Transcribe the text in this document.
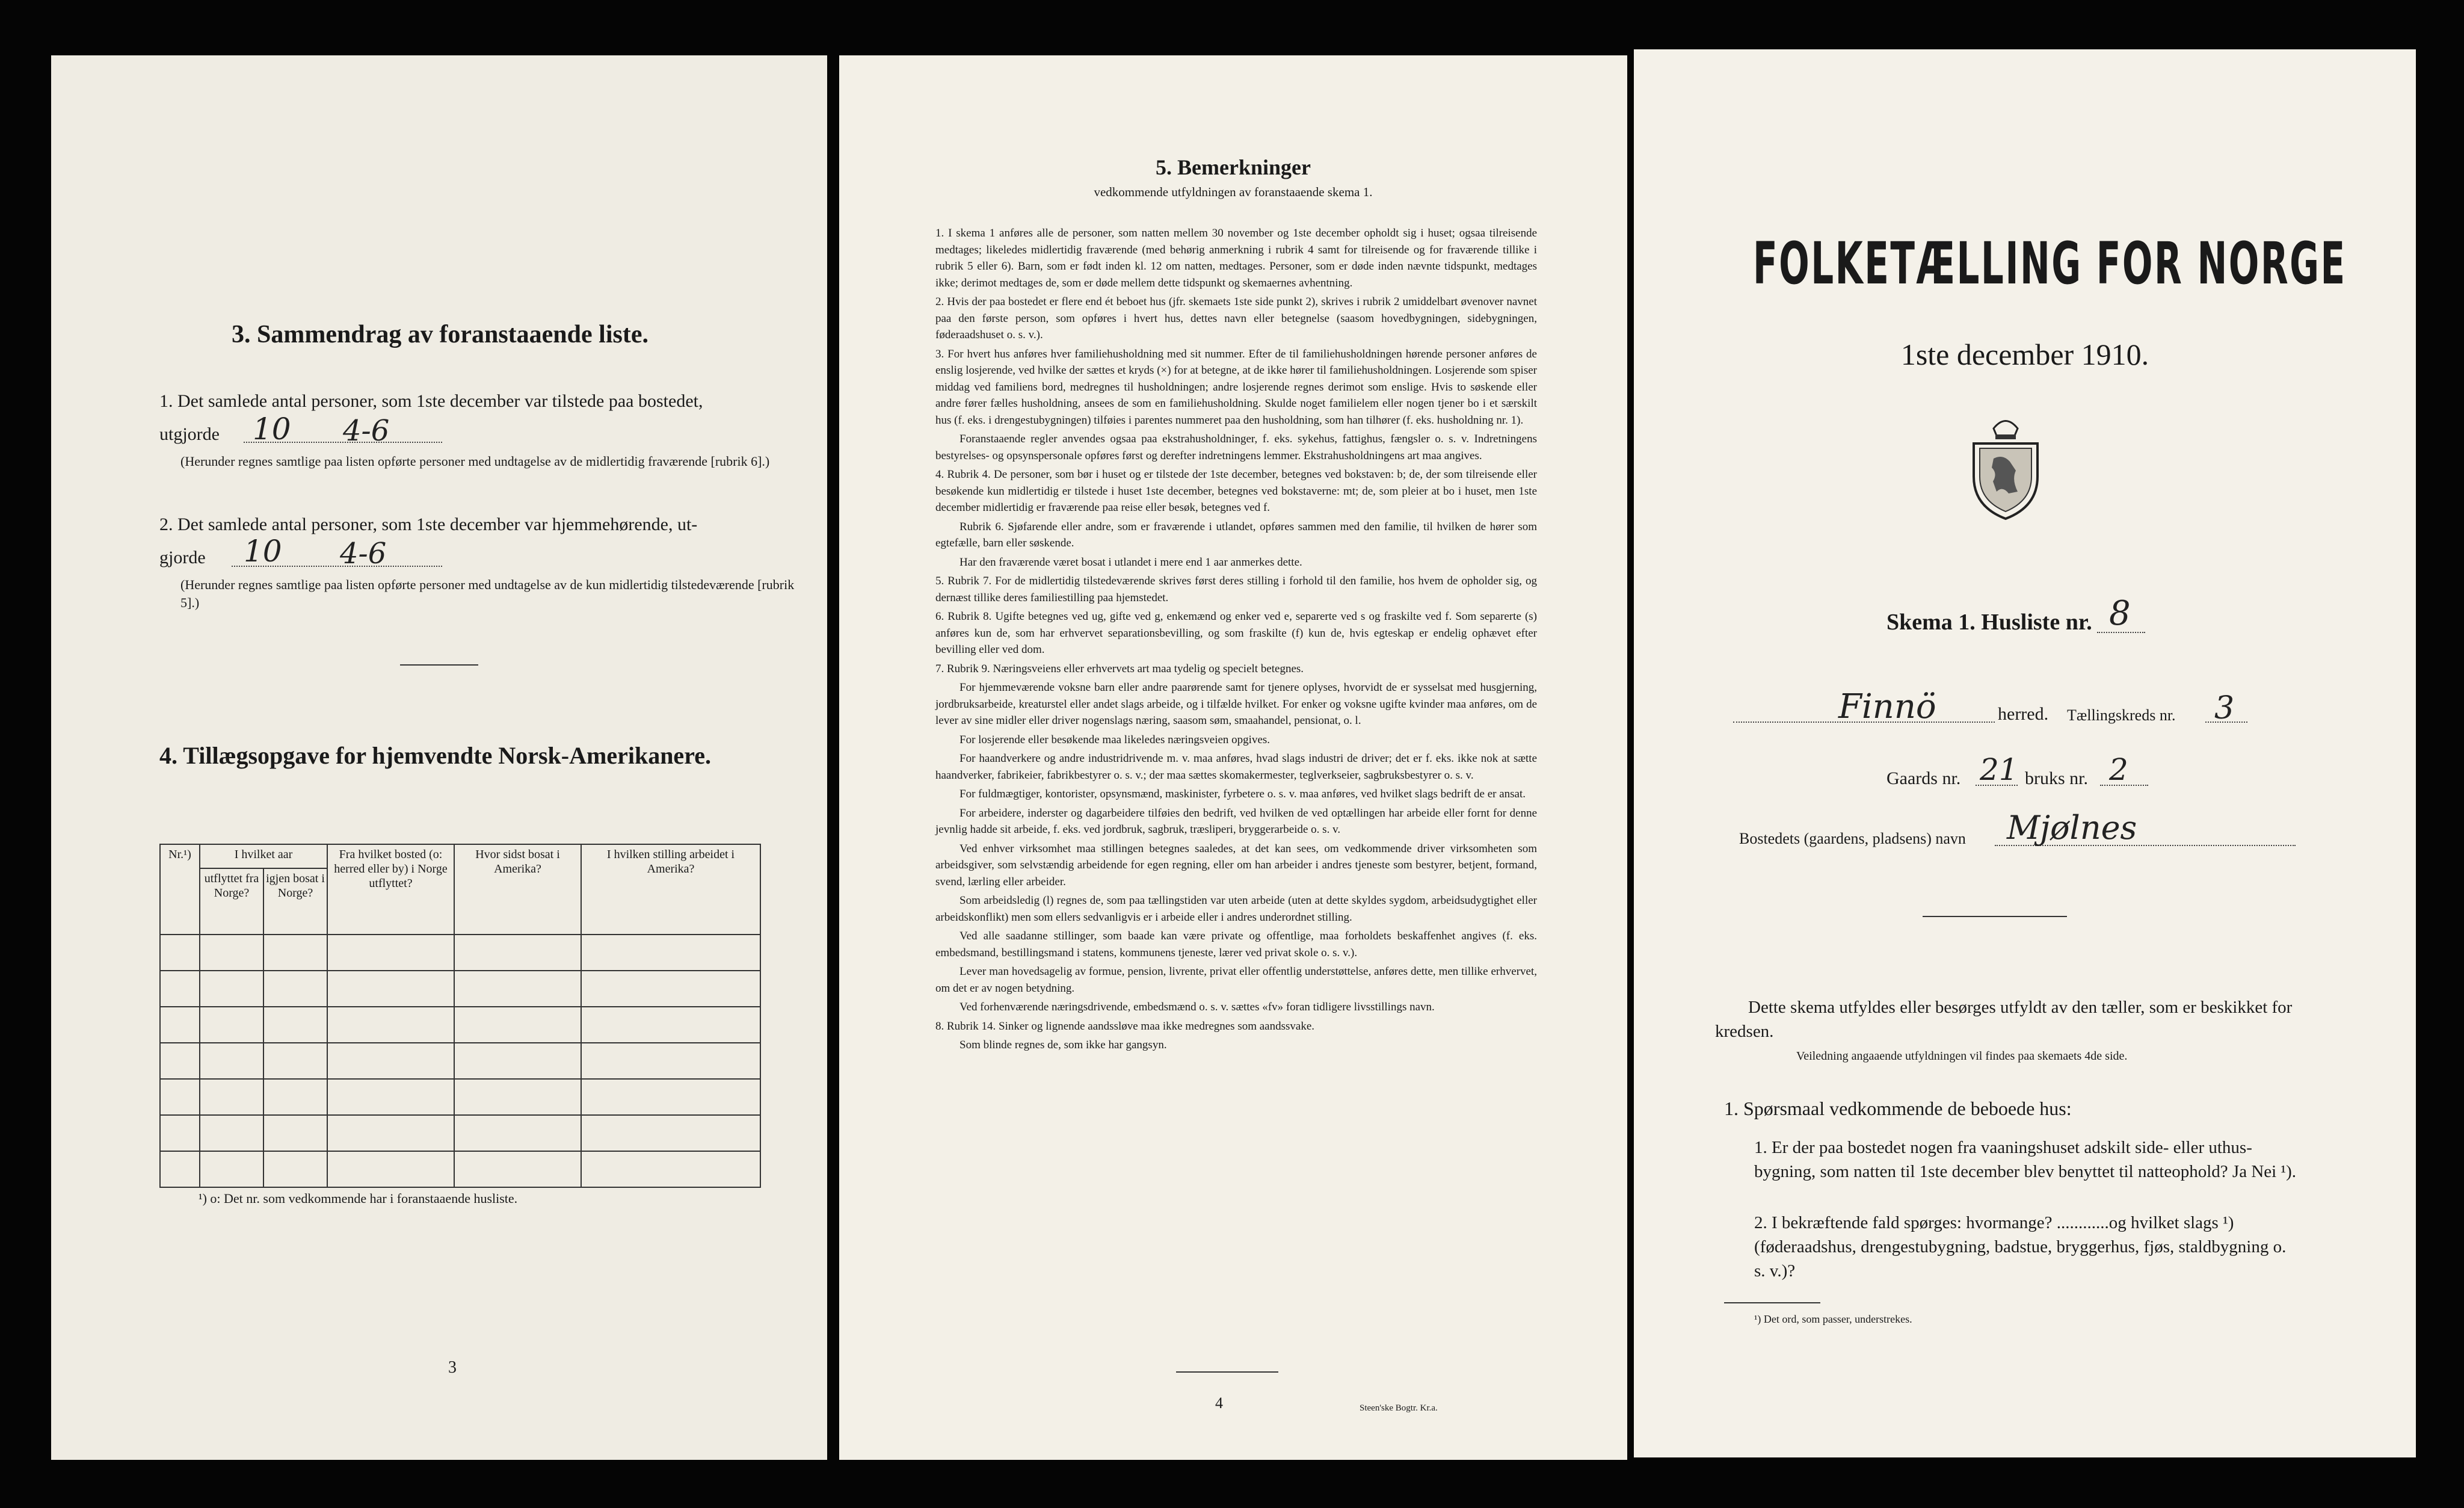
3. Sammendrag av foranstaaende liste.
1. Det samlede antal personer, som 1ste december var tilstede paa bostedet,
utgjorde 10 4-6
(Herunder regnes samtlige paa listen opførte personer med undtagelse av de midlertidig fraværende [rubrik 6].)
2. Det samlede antal personer, som 1ste december var hjemmehørende, ut-
gjorde 10 4-6
(Herunder regnes samtlige paa listen opførte personer med undtagelse av de kun midlertidig tilstedeværende [rubrik 5].)
4. Tillægsopgave for hjemvendte Norsk-Amerikanere.
Nr.¹)	I hvilket aar		Fra hvilket bosted (o: herred eller by) i Norge utflyttet?	Hvor sidst bosat i Amerika?	I hvilken stilling arbeidet i Amerika?
	utflyttet fra Norge?	igjen bosat i Norge?			

¹) o: Det nr. som vedkommende har i foranstaaende husliste.
3
5. Bemerkninger
vedkommende utfyldningen av foranstaaende skema 1.

1. I skema 1 anføres alle de personer, som natten mellem 30 november og 1ste december opholdt sig i huset; ogsaa tilreisende medtages; likeledes midlertidig fraværende (med behørig anmerkning i rubrik 4 samt for tilreisende og for fraværende tillike i rubrik 5 eller 6). Barn, som er født inden kl. 12 om natten, medtages. Personer, som er døde inden nævnte tidspunkt, medtages ikke; derimot medtages de, som er døde mellem dette tidspunkt og skemaernes avhentning.

2. Hvis der paa bostedet er flere end ét beboet hus (jfr. skemaets 1ste side punkt 2), skrives i rubrik 2 umiddelbart øvenover navnet paa den første person, som opføres i hvert hus, dettes navn eller betegnelse (saasom hovedbygningen, sidebygningen, føderaadshuset o. s. v.).

3. For hvert hus anføres hver familiehusholdning med sit nummer. Efter de til familiehusholdningen hørende personer anføres de enslig losjerende, ved hvilke der sættes et kryds (×) for at betegne, at de ikke hører til familiehusholdningen. Losjerende som spiser middag ved familiens bord, medregnes til husholdningen; andre losjerende regnes derimot som enslige. Hvis to søskende eller andre fører fælles husholdning, ansees de som en familiehusholdning. Skulde noget familielem eller nogen tjener bo i et særskilt hus (f. eks. i drengestubygningen) tilføies i parentes nummeret paa den husholdning, som han tilhører (f. eks. husholdning nr. 1).

Foranstaaende regler anvendes ogsaa paa ekstrahusholdninger, f. eks. sykehus, fattighus, fængsler o. s. v. Indretningens bestyrelses- og opsynspersonale opføres først og derefter indretningens lemmer. Ekstrahusholdningens art maa angives.

4. Rubrik 4. De personer, som bør i huset og er tilstede der 1ste december, betegnes ved bokstaven: b; de, der som tilreisende eller besøkende kun midlertidig er tilstede i huset 1ste december, betegnes ved bokstaverne: mt; de, som pleier at bo i huset, men 1ste december midlertidig er fraværende paa reise eller besøk, betegnes ved f.

Rubrik 6. Sjøfarende eller andre, som er fraværende i utlandet, opføres sammen med den familie, til hvilken de hører som egtefælle, barn eller søskende.

Har den fraværende været bosat i utlandet i mere end 1 aar anmerkes dette.

5. Rubrik 7. For de midlertidig tilstedeværende skrives først deres stilling i forhold til den familie, hos hvem de opholder sig, og dernæst tillike deres familiestilling paa hjemstedet.

6. Rubrik 8. Ugifte betegnes ved ug, gifte ved g, enkemænd og enker ved e, separerte ved s og fraskilte ved f. Som separerte (s) anføres kun de, som har erhvervet separationsbevilling, og som fraskilte (f) kun de, hvis egteskap er endelig ophævet efter bevilling eller ved dom.

7. Rubrik 9. Næringsveiens eller erhvervets art maa tydelig og specielt betegnes.

For hjemmeværende voksne barn eller andre paarørende samt for tjenere oplyses, hvorvidt de er sysselsat med husgjerning, jordbruksarbeide, kreaturstel eller andet slags arbeide, og i tilfælde hvilket. For enker og voksne ugifte kvinder maa anføres, om de lever av sine midler eller driver nogenslags næring, saasom søm, smaahandel, pensionat, o. l.

For losjerende eller besøkende maa likeledes næringsveien opgives.

For haandverkere og andre industridrivende m. v. maa anføres, hvad slags industri de driver; det er f. eks. ikke nok at sætte haandverker, fabrikeier, fabrikbestyrer o. s. v.; der maa sættes skomakermester, teglverkseier, sagbruksbestyrer o. s. v.

For fuldmægtiger, kontorister, opsynsmænd, maskinister, fyrbetere o. s. v. maa anføres, ved hvilket slags bedrift de er ansat.

For arbeidere, inderster og dagarbeidere tilføies den bedrift, ved hvilken de ved optællingen har arbeide eller fornt for denne jevnlig hadde sit arbeide, f. eks. ved jordbruk, sagbruk, træsliperi, bryggerarbeide o. s. v.

Ved enhver virksomhet maa stillingen betegnes saaledes, at det kan sees, om vedkommende driver virksomheten som arbeidsgiver, som selvstændig arbeidende for egen regning, eller om han arbeider i andres tjeneste som bestyrer, betjent, formand, svend, lærling eller arbeider.

Som arbeidsledig (l) regnes de, som paa tællingstiden var uten arbeide (uten at dette skyldes sygdom, arbeidsudygtighet eller arbeidskonflikt) men som ellers sedvanligvis er i arbeide eller i andres underordnet stilling.

Ved alle saadanne stillinger, som baade kan være private og offentlige, maa forholdets beskaffenhet angives (f. eks. embedsmand, bestillingsmand i statens, kommunens tjeneste, lærer ved privat skole o. s. v.).

Lever man hovedsagelig av formue, pension, livrente, privat eller offentlig understøttelse, anføres dette, men tillike erhvervet, om det er av nogen betydning.

Ved forhenværende næringsdrivende, embedsmænd o. s. v. sættes «fv» foran tidligere livsstillings navn.

8. Rubrik 14. Sinker og lignende aandssløve maa ikke medregnes som aandssvake.

Som blinde regnes de, som ikke har gangsyn.

4	Steen'ske Bogtr. Kr.a.
FOLKETÆLLING FOR NORGE
1ste december 1910.
Skema 1. Husliste nr. 8
Finnö	herred. Tællingskreds nr. 3
Gaards nr. 21 bruks nr. 2
Bostedets (gaardens, pladsens) navn Mjølnes
Dette skema utfyldes eller besørges utfyldt av den tæller, som er beskikket for kredsen.
Veiledning angaaende utfyldningen vil findes paa skemaets 4de side.
1. Spørsmaal vedkommende de beboede hus:
1. Er der paa bostedet nogen fra vaaningshuset adskilt side- eller uthus-bygning, som natten til 1ste december blev benyttet til natteophold? Ja Nei ¹).
2. I bekræftende fald spørges: hvormange? ............og hvilket slags ¹) (føderaadshus, drengestubygning, badstue, bryggerhus, fjøs, staldbygning o. s. v.)?
¹) Det ord, som passer, understrekes.
